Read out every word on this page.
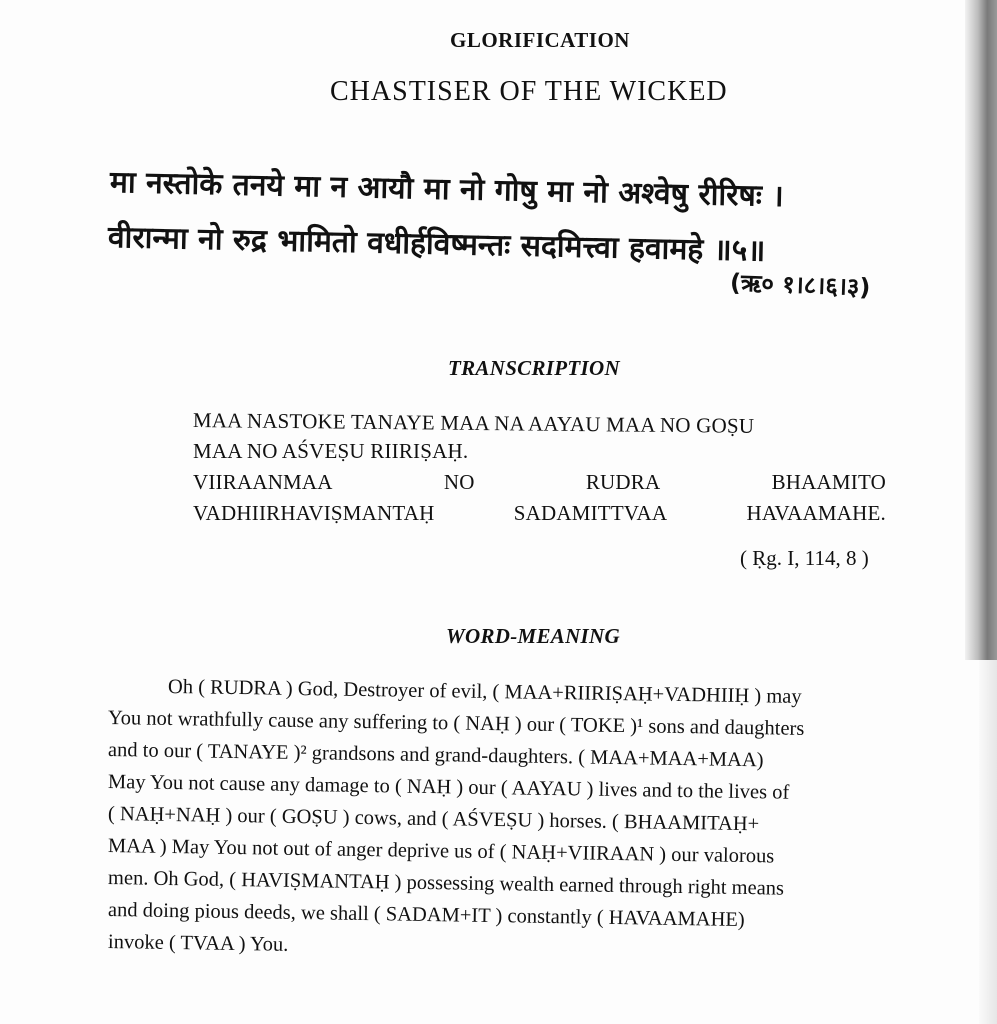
GLORIFICATION
CHASTISER OF THE WICKED
मा नस्तोके तनये मा न आयौ मा नो गोषु मा नो अश्वेषु रीरिषः ।
वीरान्मा नो रुद्र भामितो वधीर्हविष्मन्तः सदमित्त्वा हवामहे ॥५॥
(ऋ० १।८।६।३)
TRANSCRIPTION
MAA NASTOKE TANAYE MAA NA AAYAU MAA NO GOṢU
MAA NO AŚVEṢU RIIRIṢAḤ.
VIIRAANMAA	NO	RUDRA	BHAAMITO
VADHIIRHAVIṢMANTAḤ	SADAMITTVAA	HAVAAMAHE.
( Ṛg. I, 114, 8 )
WORD-MEANING
Oh ( RUDRA ) God, Destroyer of evil, ( MAA+RIIRIṢAḤ+VADHIIḤ ) may
You not wrathfully cause any suffering to ( NAḤ ) our ( TOKE )¹ sons and daughters
and to our ( TANAYE )² grandsons and grand-daughters. ( MAA+MAA+MAA)
May You not cause any damage to ( NAḤ ) our ( AAYAU ) lives and to the lives of
( NAḤ+NAḤ ) our ( GOṢU ) cows, and ( AŚVEṢU ) horses. ( BHAAMITAḤ+
MAA ) May You not out of anger deprive us of ( NAḤ+VIIRAAN ) our valorous
men. Oh God, ( HAVIṢMANTAḤ ) possessing wealth earned through right means
and doing pious deeds, we shall ( SADAM+IT ) constantly ( HAVAAMAHE)
invoke ( TVAA ) You.
